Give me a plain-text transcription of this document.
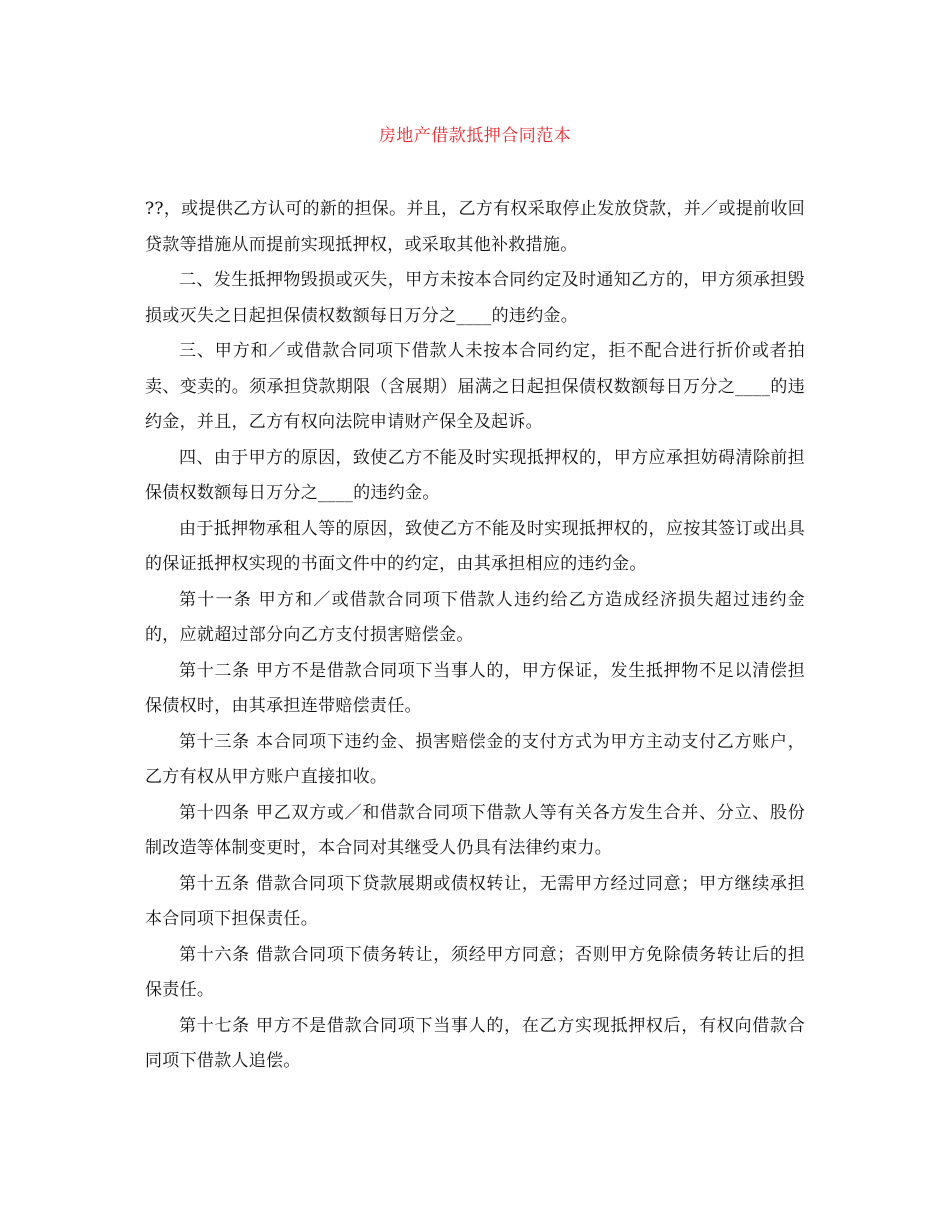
房地产借款抵押合同范本

??，或提供乙方认可的新的担保。并且，乙方有权采取停止发放贷款，并／或提前收回贷款等措施从而提前实现抵押权，或采取其他补救措施。

二、发生抵押物毁损或灭失，甲方未按本合同约定及时通知乙方的，甲方须承担毁损或灭失之日起担保债权数额每日万分之____的违约金。

三、甲方和／或借款合同项下借款人未按本合同约定，拒不配合进行折价或者拍卖、变卖的。须承担贷款期限（含展期）届满之日起担保债权数额每日万分之____的违约金，并且，乙方有权向法院申请财产保全及起诉。

四、由于甲方的原因，致使乙方不能及时实现抵押权的，甲方应承担妨碍清除前担保债权数额每日万分之____的违约金。

由于抵押物承租人等的原因，致使乙方不能及时实现抵押权的，应按其签订或出具的保证抵押权实现的书面文件中的约定，由其承担相应的违约金。

第十一条 甲方和／或借款合同项下借款人违约给乙方造成经济损失超过违约金的，应就超过部分向乙方支付损害赔偿金。

第十二条 甲方不是借款合同项下当事人的，甲方保证，发生抵押物不足以清偿担保债权时，由其承担连带赔偿责任。

第十三条 本合同项下违约金、损害赔偿金的支付方式为甲方主动支付乙方账户，乙方有权从甲方账户直接扣收。

第十四条 甲乙双方或／和借款合同项下借款人等有关各方发生合并、分立、股份制改造等体制变更时，本合同对其继受人仍具有法律约束力。

第十五条 借款合同项下贷款展期或债权转让，无需甲方经过同意；甲方继续承担本合同项下担保责任。

第十六条 借款合同项下债务转让，须经甲方同意；否则甲方免除债务转让后的担保责任。

第十七条 甲方不是借款合同项下当事人的，在乙方实现抵押权后，有权向借款合同项下借款人追偿。
